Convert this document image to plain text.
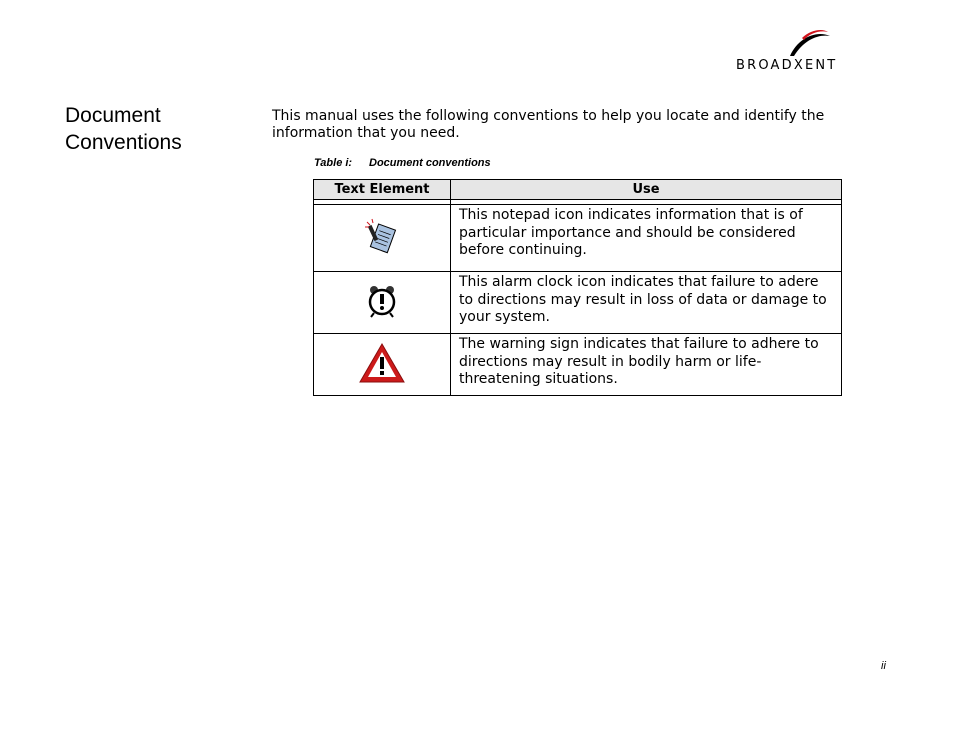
BROADXENT
Document
Conventions
This manual uses the following conventions to help you locate and identify the information that you need.
Table i: Document conventions
Text Element	Use

	This notepad icon indicates information that is of particular importance and should be considered before continuing.
	This alarm clock icon indicates that failure to adere to directions may result in loss of data or damage to your system.
	The warning sign indicates that failure to adhere to directions may result in bodily harm or life-threatening situations.
ii
